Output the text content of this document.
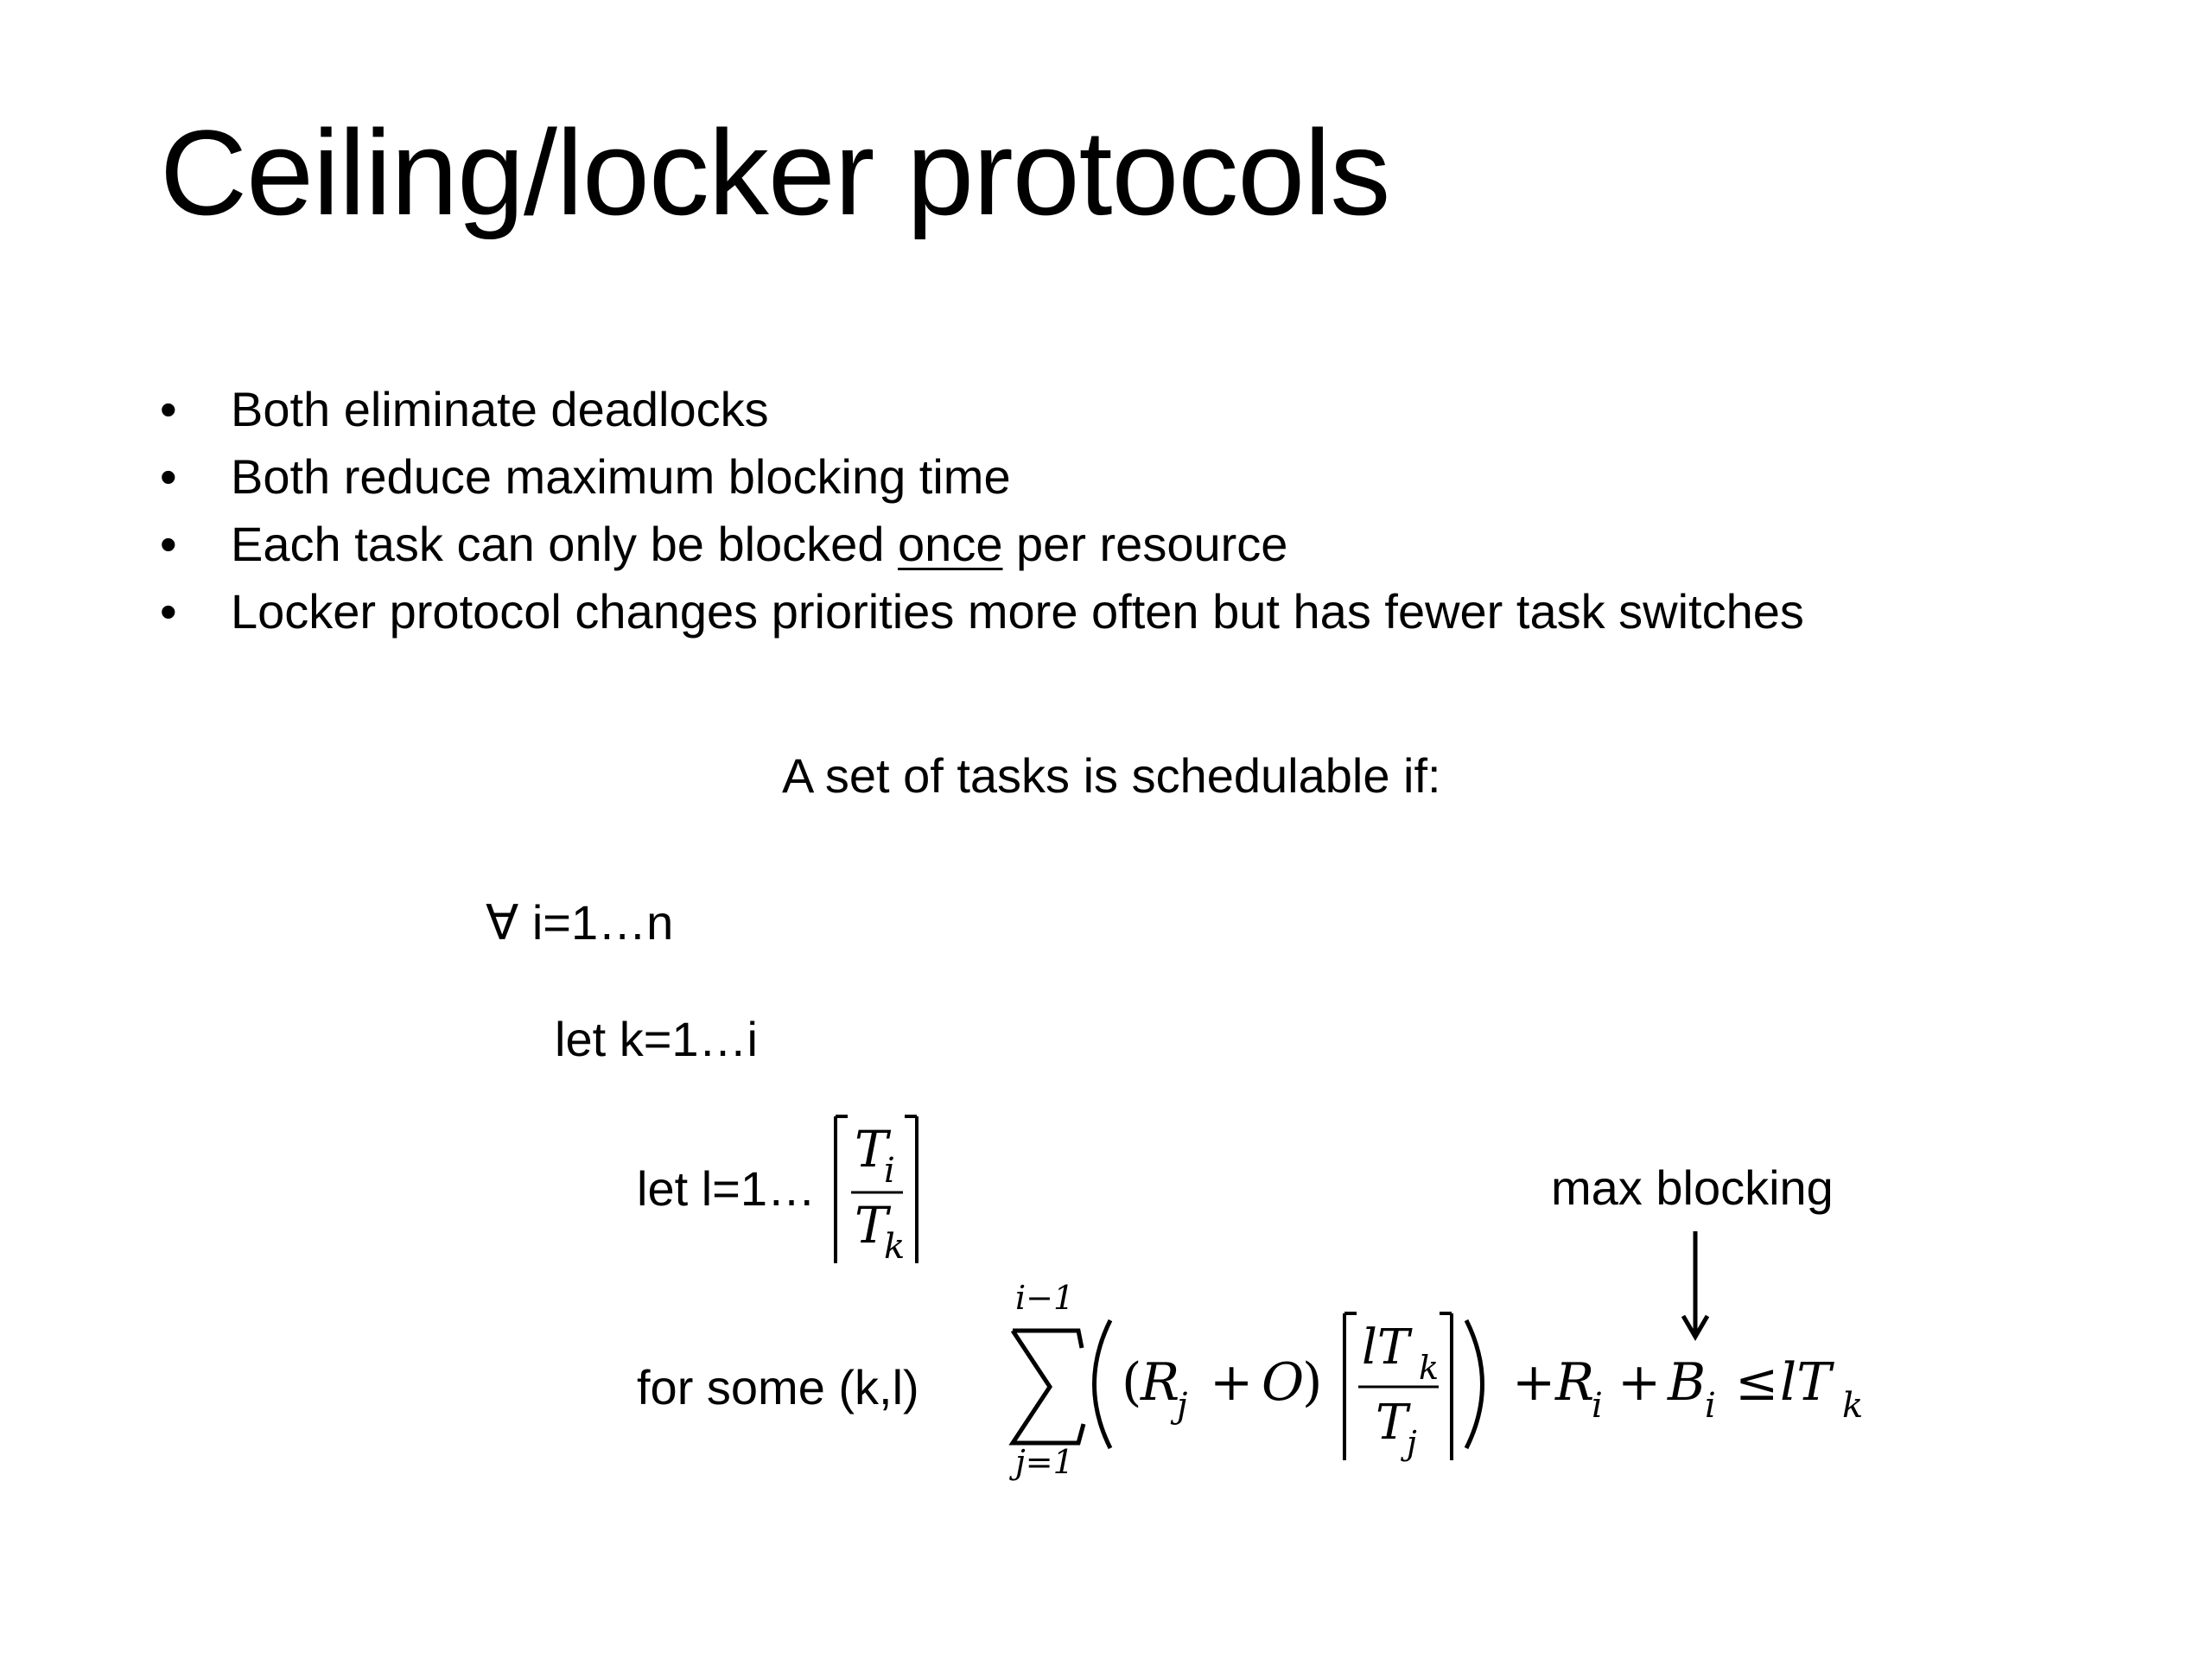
Ceiling/locker protocols
• Both eliminate deadlocks
• Both reduce maximum blocking time
• Each task can only be blocked once per resource
• Locker protocol changes priorities more often but has fewer task switches
A set of tasks is schedulable if:
∀ i=1…n
let k=1…i
let l=1…
for some (k,l)
T
i
T
k
max blocking
i−1
j=1
(
R
j + O
)
lT k
T
j
+ R
i + B
i ≤ lT k
